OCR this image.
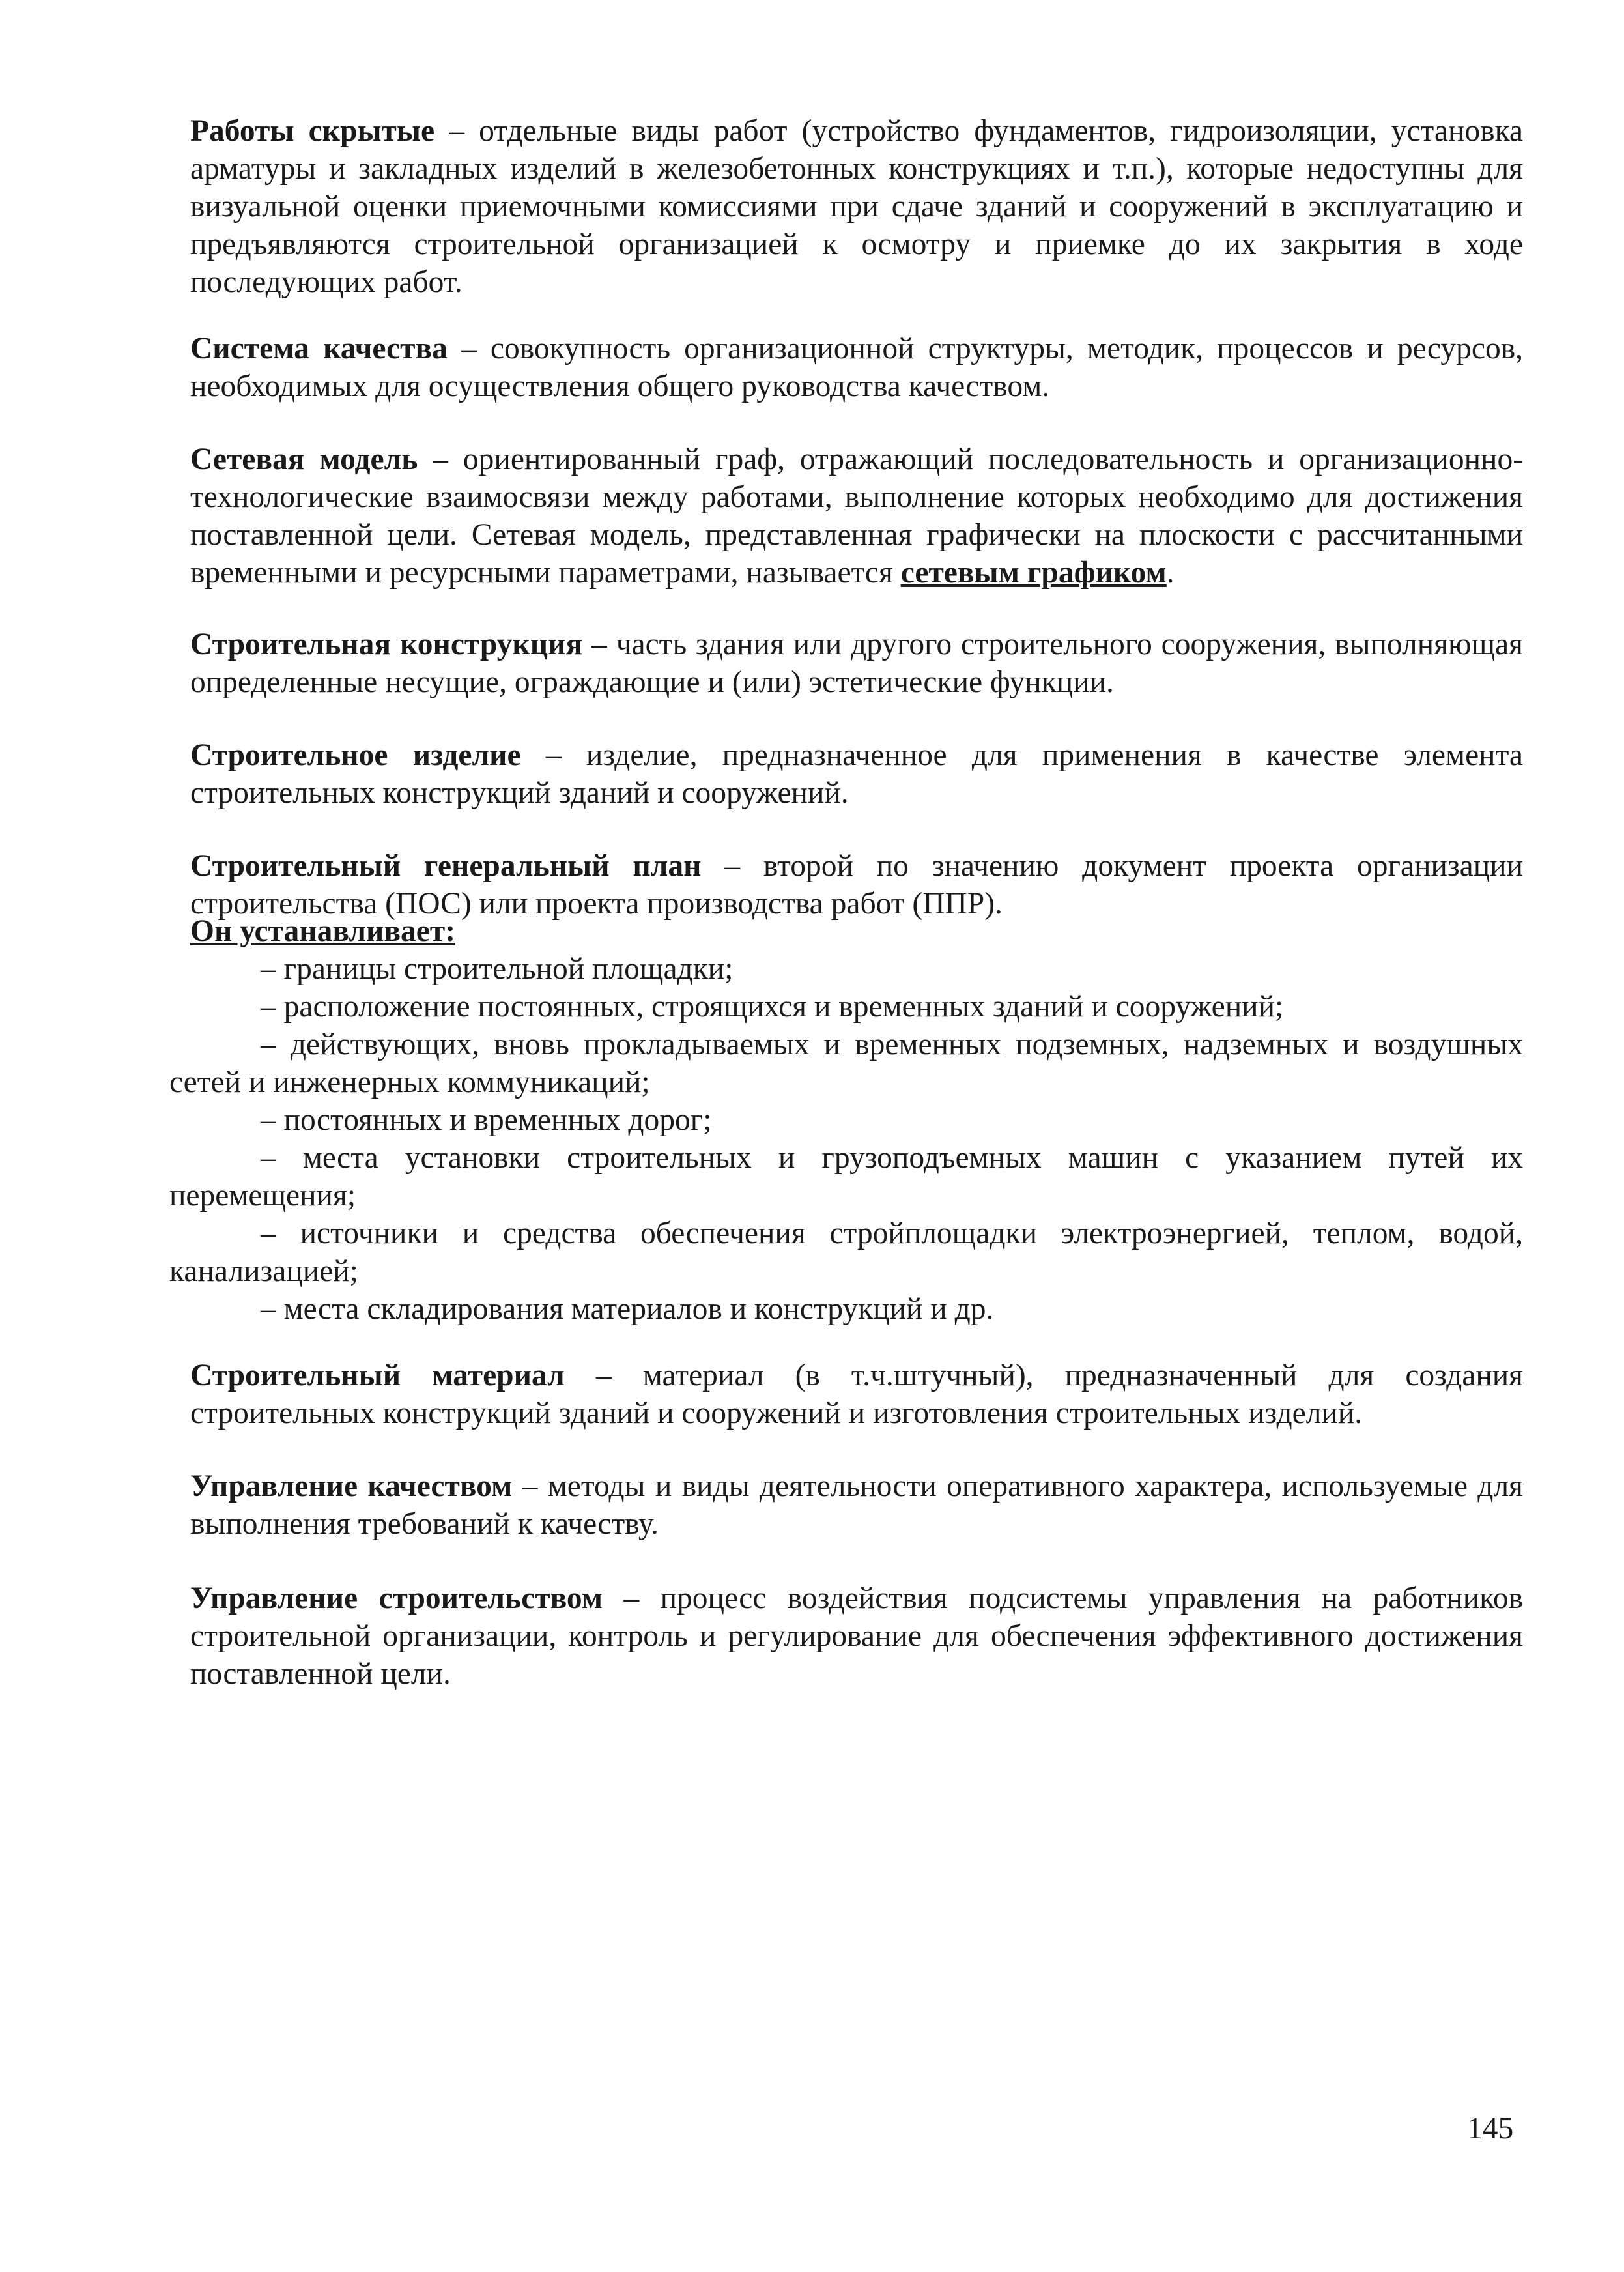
Работы скрытые – отдельные виды работ (устройство фундаментов, гидроизоляции, установка арматуры и закладных изделий в железобетонных конструкциях и т.п.), которые недоступны для визуальной оценки приемочными комиссиями при сдаче зданий и сооружений в эксплуатацию и предъявляются строительной организацией к осмотру и приемке до их закрытия в ходе последующих работ.

Система качества – совокупность организационной структуры, методик, процессов и ресурсов, необходимых для осуществления общего руководства качеством.

Сетевая модель – ориентированный граф, отражающий последовательность и организационно-технологические взаимосвязи между работами, выполнение которых необходимо для достижения поставленной цели. Сетевая модель, представленная графически на плоскости с рассчитанными временными и ресурсными параметрами, называется сетевым графиком.

Строительная конструкция – часть здания или другого строительного сооружения, выполняющая определенные несущие, ограждающие и (или) эстетические функции.

Строительное изделие – изделие, предназначенное для применения в качестве элемента строительных конструкций зданий и сооружений.

Строительный генеральный план – второй по значению документ проекта организации строительства (ПОС) или проекта производства работ (ППР).

Он устанавливает:

– границы строительной площадки;
– расположение постоянных, строящихся и временных зданий и сооружений;
– действующих, вновь прокладываемых и временных подземных, надземных и воздушных сетей и инженерных коммуникаций;
– постоянных и временных дорог;
– места установки строительных и грузоподъемных машин с указанием путей их перемещения;
– источники и средства обеспечения стройплощадки электроэнергией, теплом, водой, канализацией;
– места складирования материалов и конструкций и др.

Строительный материал – материал (в т.ч.штучный), предназначенный для создания строительных конструкций зданий и сооружений и изготовления строительных изделий.

Управление качеством – методы и виды деятельности оперативного характера, используемые для выполнения требований к качеству.

Управление строительством – процесс воздействия подсистемы управления на работников строительной организации, контроль и регулирование для обеспечения эффективного достижения поставленной цели.

145
